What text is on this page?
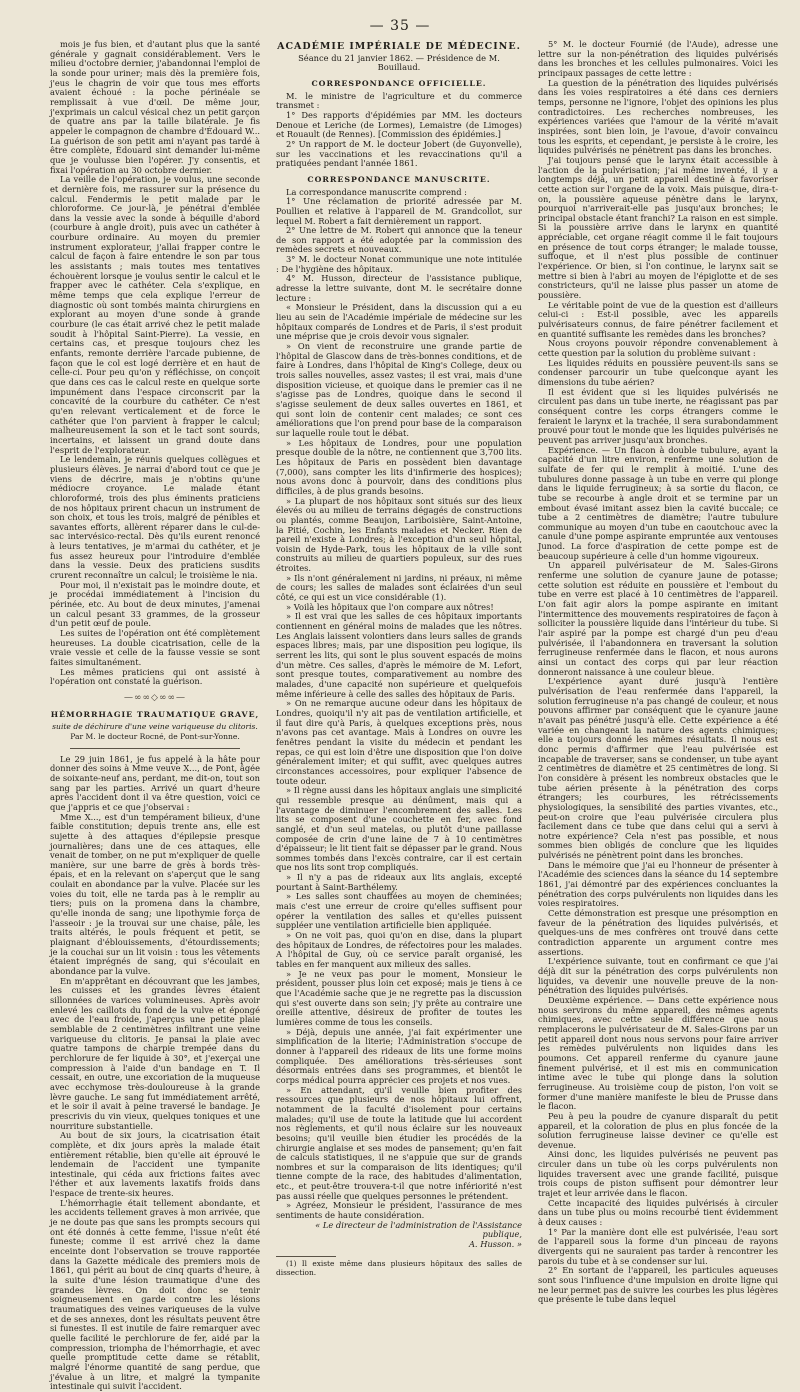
— 35 —

mois je fus bien, et d'autant plus que la santé générale y gagnait considérablement. Vers le milieu d'octobre dernier, j'abandonnai l'emploi de la sonde pour uriner; mais dès la première fois, j'eus le chagrin de voir que tous mes efforts avaient échoué : la poche périnéale se remplissait à vue d'œil. De même jour, j'exprimais un calcul vésical chez un petit garçon de quatre ans par la taille bilatérale. Je fis appeler le compagnon de chambre d'Édouard W... La guérison de son petit ami n'ayant pas tardé à être complète, Édouard sint demander lui-même que je voulusse bien l'opérer. J'y consentis, et fixai l'opération au 30 octobre dernier.

La veille de l'opération, je voulus, une seconde et dernière fois, me rassurer sur la présence du calcul. Fendermis le petit malade par le chloroforme. Ce jour-là, je pénétrai d'emblée dans la vessie avec la sonde à béquille d'abord (courbure à angle droit), puis avec un cathéter à courbure ordinaire. Au moyen du premier instrument explorateur, j'allai frapper contre le calcul de façon à faire entendre le son par tous les assistants ; mais toutes mes tentatives échouèrent lorsque je voulus sentir le calcul et le frapper avec le cathéter. Cela s'explique, en même temps que cela explique l'erreur de diagnostic où sont tombés mainta chirurgiens en explorant au moyen d'une sonde à grande courbure (le cas était arrivé chez le petit malade soudit à l'hôpital Saint-Pierre). La vessie, en certains cas, et presque toujours chez les enfants, remonte derrière l'arcade pubienne, de façon que le col est logé derrière et en haut de celle-ci. Pour peu qu'on y réfléchisse, on conçoit que dans ces cas le calcul reste en quelque sorte impunément dans l'espace circonscrit par la concavité de la courbure du cathéter. Ce n'est qu'en relevant verticalement et de force le cathéter que l'on parvient à frapper le calcul; malheureusement la son et le tact sont sourds, incertains, et laissent un grand doute dans l'esprit de l'explorateur.

Le lendemain, je réunis quelques collègues et plusieurs élèves. Je narrai d'abord tout ce que je viens de décrire, mais je n'obtins qu'une médiocre croyance. Le malade étant chloroformé, trois des plus éminents praticiens de nos hôpitaux prirent chacun un instrument de son choix, et tous les trois, malgré de pénibles et savantes efforts, allèrent réparer dans le cul-de-sac intervésico-rectal. Dès qu'ils eurent renoncé à leurs tentatives, je m'armai du cathéter, et je fus assez heureux pour l'introduire d'emblée dans la vessie. Deux des praticiens susdits crurent reconnaître un calcul; le troisième le nia.

Pour moi, il n'existait pas le moindre doute, et je procédai immédiatement à l'incision du périnée, etc. Au bout de deux minutes, j'amenai un calcul pesant 33 grammes, de la grosseur d'un petit œuf de poule.

Les suites de l'opération ont été complètement heureuses. La double cicatrisation, celle de la vraie vessie et celle de la fausse vessie se sont faites simultanément.

Les mêmes praticiens qui ont assisté à l'opération ont constaté la guérison.

—∞∞◇∞∞—
HÉMORRHAGIE TRAUMATIQUE GRAVE,

suite de déchirure d'une veine variqueuse du clitoris.

Par M. le docteur Rocné, de Pont-sur-Yonne.

Le 29 juin 1861, je fus appelé à la hâte pour donner des soins à Mme veuve X..., de Pont, âgée de soixante-neuf ans, perdant, me dit-on, tout son sang par les parties. Arrivé un quart d'heure après l'accident dont il va être question, voici ce que j'appris et ce que j'observai :

Mme X..., est d'un tempérament bilieux, d'une faible constitution; depuis trente ans, elle est sujette à des attaques d'épilepsie presque journalières; dans une de ces attaques, elle venait de tomber, on ne put m'expliquer de quelle manière, sur une barre de grès à bords très-épais, et en la relevant on s'aperçut que le sang coulait en abondance par la vulve. Placée sur les voies du toit, elle ne tarda pas à le remplir au tiers; puis on la promena dans la chambre, qu'elle inonda de sang; une lipothymie força de l'asseoir : je la trouvai sur une chaise, pâle, les traits altérés, le pouls fréquent et petit, se plaignant d'éblouissements, d'étourdissements; je la couchai sur un lit voisin : tous les vêtements étaient imprégnés de sang, qui s'écoulait en abondance par la vulve.

En m'apprêtant en découvrant que les jambes, les cuisses et les grandes lèvres étaient sillonnées de varices volumineuses. Après avoir enlevé les caillots du fond de la vulve et épongé avec de l'eau froide, j'aperçus une petite plaie semblable de 2 centimètres infiltrant une veine variqueuse du clitoris. Je pansai la plaie avec quatre tampons de charpie trempée dans du perchlorure de fer liquide à 30°, et j'exerçai une compression à l'aide d'un bandage en T. Il cessait, en outre, une excoriation de la muqueuse avec ecchymose très-douloureuse à la grande lèvre gauche. Le sang fut immédiatement arrêté, et le soir il avait à peine traversé le bandage. Je prescrivis du vin vieux, quelques toniques et une nourriture substantielle.

Au bout de six jours, la cicatrisation était complète, et dix jours après la malade était entièrement rétablie, bien qu'elle ait éprouvé le lendemain de l'accident une tympanite intestinale, qui céda aux frictions faites avec l'éther et aux lavements laxatifs froids dans l'espace de trente-six heures.

L'hémorrhagie était tellement abondante, et les accidents tellement graves à mon arrivée, que je ne doute pas que sans les prompts secours qui ont été donnés à cette femme, l'issue n'eût été funeste; comme il est arrivé chez la dame enceinte dont l'observation se trouve rapportée dans la Gazette médicale des premiers mois de 1861, qui périt au bout de cinq quarts d'heure, à la suite d'une lésion traumatique d'une des grandes lèvres. On doit donc se tenir soigneusement en garde contre les lésions traumatiques des veines variqueuses de la vulve et de ses annexes, dont les résultats peuvent être si funestes. Il est inutile de faire remarquer avec quelle facilité le perchlorure de fer, aidé par la compression, triompha de l'hémorrhagie, et avec quelle promptitude cette dame se rétablit, malgré l'énorme quantité de sang perdue, que j'évalue à un litre, et malgré la tympanite intestinale qui suivit l'accident.

ACADÉMIE IMPÉRIALE DE MÉDECINE.

Séance du 21 janvier 1862. — Présidence de M. Bouillaud.

CORRESPONDANCE OFFICIELLE.

M. le ministre de l'agriculture et du commerce transmet :

1° Des rapports d'épidémies par MM. les docteurs Denoue et Leriche (de Lormes), Lemaistre (de Limoges) et Rouault (de Rennes). [Commission des épidémies.]

2° Un rapport de M. le docteur Jobert (de Guyonvelle), sur les vaccinations et les revaccinations qu'il a pratiquées pendant l'année 1861.

CORRESPONDANCE MANUSCRITE.

La correspondance manuscrite comprend :

1° Une réclamation de priorité adressée par M. Poullien et relative à l'appareil de M. Grandcollot, sur lequel M. Robert a fait dernièrement un rapport.

2° Une lettre de M. Robert qui annonce que la teneur de son rapport a été adoptée par la commission des remèdes secrets et nouveaux.

3° M. le docteur Nonat communique une note intitulée : De l'hygiène des hôpitaux.

4° M. Husson, directeur de l'assistance publique, adresse la lettre suivante, dont M. le secrétaire donne lecture :

« Monsieur le Président, dans la discussion qui a eu lieu au sein de l'Académie impériale de médecine sur les hôpitaux comparés de Londres et de Paris, il s'est produit une méprise que je crois devoir vous signaler.

» On vient de reconstruire une grande partie de l'hôpital de Glascow dans de très-bonnes conditions, et de faire à Londres, dans l'hôpital de King's College, deux ou trois salles nouvelles, assez vastes; il est vrai, mais d'une disposition vicieuse, et quoique dans le premier cas il ne s'agisse pas de Londres, quoique dans le second il s'agisse seulement de deux salles ouvertes en 1861, et qui sont loin de contenir cent malades; ce sont ces améliorations que l'on prend pour base de la comparaison sur laquelle roule tout le débat.

» Les hôpitaux de Londres, pour une population presque double de la nôtre, ne contiennent que 3,700 lits. Les hôpitaux de Paris en possèdent bien davantage (7,000), sans compter les lits d'infirmerie des hospices); nous avons donc à pourvoir, dans des conditions plus difficiles, à de plus grands besoins.

» La plupart de nos hôpitaux sont situés sur des lieux élevés ou au milieu de terrains dégagés de constructions ou plantés, comme Beaujon, Lariboisière, Saint-Antoine, la Pitié, Cochin, les Enfants malades et Necker. Rien de pareil n'existe à Londres; à l'exception d'un seul hôpital, voisin de Hyde-Park, tous les hôpitaux de la ville sont construits au milieu de quartiers populeux, sur des rues étroites.

» Ils n'ont généralement ni jardins, ni préaux, ni même de cours; les salles de malades sont éclairées d'un seul côté, ce qui est un vice considérable (1).

» Voilà les hôpitaux que l'on compare aux nôtres!

» Il est vrai que les salles de ces hôpitaux importants contiennent en général moins de malades que les nôtres. Les Anglais laissent volontiers dans leurs salles de grands espaces libres; mais, par une disposition peu logique, ils serrent les lits, qui sont le plus souvent espacés de moins d'un mètre. Ces salles, d'après le mémoire de M. Lefort, sont presque toutes, comparativement au nombre des malades, d'une capacité non supérieure et quelquefois même inférieure à celle des salles des hôpitaux de Paris.

» On ne remarque aucune odeur dans les hôpitaux de Londres, quoiqu'il n'y ait pas de ventilation artificielle, et il faut dire qu'à Paris, à quelques exceptions près, nous n'avons pas cet avantage. Mais à Londres on ouvre les fenêtres pendant la visite du médecin et pendant les repas, ce qui est loin d'être une disposition que l'on doive généralement imiter; et qui suffit, avec quelques autres circonstances accessoires, pour expliquer l'absence de toute odeur.

» Il règne aussi dans les hôpitaux anglais une simplicité qui ressemble presque au dénûment, mais qui a l'avantage de diminuer l'encombrement des salles. Les lits se composent d'une couchette en fer, avec fond sanglé, et d'un seul matelas, ou plutôt d'une paillasse composée de crin d'une laine de 7 à 10 centimètres d'épaisseur; le lit tient fait se dépasser par le grand. Nous sommes tombés dans l'excès contraire, car il est certain que nos lits sont trop compliqués.

» Il n'y a pas de rideaux aux lits anglais, excepté pourtant à Saint-Barthélemy.

» Les salles sont chauffées au moyen de cheminées; mais c'est une erreur de croire qu'elles suffisent pour opérer la ventilation des salles et qu'elles puissent suppléer une ventilation artificielle bien appliquée.

» On ne voit pas, quoi qu'on en dise, dans la plupart des hôpitaux de Londres, de réfectoires pour les malades. A l'hôpital de Guy, où ce service paraît organisé, les tables en fer manquent aux milieux des salles.

» Je ne veux pas pour le moment, Monsieur le président, pousser plus loin cet exposé; mais je tiens à ce que l'Académie sache que je ne regrette pas la discussion qui s'est ouverte dans son sein; j'y prête au contraire une oreille attentive, désireux de profiter de toutes les lumières comme de tous les conseils.

» Déjà, depuis une année, j'ai fait expérimenter une simplification de la literie; l'Administration s'occupe de donner à l'appareil des rideaux de lits une forme moins compliquée. Des améliorations très-sérieuses sont désormais entrées dans ses programmes, et bientôt le corps médical pourra apprécier ces projets et nos vues.

» En attendant, qu'il veuille bien profiter des ressources que plusieurs de nos hôpitaux lui offrent, notamment de la faculté d'isolement pour certains malades; qu'il use de toute la latitude que lui accordent nos règlements, et qu'il nous éclaire sur les nouveaux besoins; qu'il veuille bien étudier les procédés de la chirurgie anglaise et ses modes de pansement; qu'en fait de calculs statistiques, il ne s'appuie que sur de grands nombres et sur la comparaison de lits identiques; qu'il tienne compte de la race, des habitudes d'alimentation, etc., et peut-être trouvera-t-il que notre infériorité n'est pas aussi réelle que quelques personnes le prétendent.

» Agréez, Monsieur le président, l'assurance de mes sentiments de haute considération.

« Le directeur de l'administration de l'Assistance publique,

A. Husson. »

(1) Il existe même dans plusieurs hôpitaux des salles de dissection.

5° M. le docteur Fournié (de l'Aude), adresse une lettre sur la non-pénétration des liquides pulvérisés dans les bronches et les cellules pulmonaires. Voici les principaux passages de cette lettre :

La question de la pénétration des liquides pulvérisés dans les voies respiratoires a été dans ces derniers temps, personne ne l'ignore, l'objet des opinions les plus contradictoires. Les recherches nombreuses, les expériences variées que l'amour de la vérité m'avait inspirées, sont bien loin, je l'avoue, d'avoir convaincu tous les esprits, et cependant, je persiste à le croire, les liquides pulvérisés ne pénètrent pas dans les bronches.

J'ai toujours pensé que le larynx était accessible à l'action de la pulvérisation; j'ai même inventé, il y a longtemps déjà, un petit appareil destiné à favoriser cette action sur l'organe de la voix. Mais puisque, dira-t-on, la poussière aqueuse pénètre dans le larynx, pourquoi n'arriverait-elle pas jusqu'aux bronches; le principal obstacle étant franchi? La raison en est simple. Si la poussière arrive dans le larynx en quantité appréciable, cet organe réagit comme il le fait toujours en présence de tout corps étranger; le malade tousse, suffoque, et il n'est plus possible de continuer l'expérience. Or bien, si l'on continue, le larynx sait se mettre si bien à l'abri au moyen de l'épiglotte et de ses constricteurs, qu'il ne laisse plus passer un atome de poussière.

Le véritable point de vue de la question est d'ailleurs celui-ci : Est-il possible, avec les appareils pulvérisateurs connus, de faire pénétrer facilement et en quantité suffisante les remèdes dans les bronches?

Nous croyons pouvoir répondre convenablement à cette question par la solution du problème suivant :

Les liquides réduits en poussière peuvent-ils sans se condenser parcourir un tube quelconque ayant les dimensions du tube aérien?

Il est évident que si les liquides pulvérisés ne circulent pas dans un tube inerte, ne réagissant pas par conséquent contre les corps étrangers comme le feraient le larynx et la trachée, il sera surabondamment prouvé pour tout le monde que les liquides pulvérisés ne peuvent pas arriver jusqu'aux bronches.

Expérience. — Un flacon à double tubulure, ayant la capacité d'un litre environ, renferme une solution de sulfate de fer qui le remplit à moitié. L'une des tubulures donne passage à un tube en verre qui plonge dans le liquide ferrugineux; à sa sortie du flacon, ce tube se recourbe à angle droit et se termine par un embout évasé imitant assez bien la cavité buccale; ce tube a 2 centimètres de diamètre; l'autre tubulure communique au moyen d'un tube en caoutchouc avec la canule d'une pompe aspirante empruntée aux ventouses Junod. La force d'aspiration de cette pompe est de beaucoup supérieure à celle d'un homme vigoureux.

Un appareil pulvérisateur de M. Sales-Girons renferme une solution de cyanure jaune de potasse; cette solution est réduite en poussière et l'embout du tube en verre est placé à 10 centimètres de l'appareil. L'on fait agir alors la pompe aspirante en imitant l'intermittence des mouvements respiratoires de façon à solliciter la poussière liquide dans l'intérieur du tube. Si l'air aspiré par la pompe est chargé d'un peu d'eau pulvérisée, il l'abandonnera en traversant la solution ferrugineuse renfermée dans le flacon, et nous aurons ainsi un contact des corps qui par leur réaction donneront naissance à une couleur bleue.

L'expérience ayant duré jusqu'à l'entière pulvérisation de l'eau renfermée dans l'appareil, la solution ferrugineuse n'a pas changé de couleur, et nous pouvons affirmer par conséquent que le cyanure jaune n'avait pas pénétré jusqu'à elle. Cette expérience a été variée en changeant la nature des agents chimiques; elle a toujours donné les mêmes résultats. Il nous est donc permis d'affirmer que l'eau pulvérisée est incapable de traverser, sans se condenser, un tube ayant 2 centimètres de diamètre et 25 centimètres de long. Si l'on considère à présent les nombreux obstacles que le tube aérien présente à la pénétration des corps étrangers; les courbures, les rétrécissements physiologiques, la sensibilité des parties vivantes, etc., peut-on croire que l'eau pulvérisée circulera plus facilement dans ce tube que dans celui qui a servi à notre expérience? Cela n'est pas possible, et nous sommes bien obligés de conclure que les liquides pulvérisés ne pénètrent point dans les bronches.

Dans le mémoire que j'ai eu l'honneur de présenter à l'Académie des sciences dans la séance du 14 septembre 1861, j'ai démontré par des expériences concluantes la pénétration des corps pulvérulents non liquides dans les voies respiratoires.

Cette démonstration est presque une présomption en faveur de la pénétration des liquides pulvérisés, et quelques-uns de mes confrères ont trouvé dans cette contradiction apparente un argument contre mes assertions.

L'expérience suivante, tout en confirmant ce que j'ai déjà dit sur la pénétration des corps pulvérulents non liquides, va devenir une nouvelle preuve de la non-pénétration des liquides pulvérisés.

Deuxième expérience. — Dans cette expérience nous nous servirons du même appareil, des mêmes agents chimiques, avec cette seule différence que nous remplacerons le pulvérisateur de M. Sales-Girons par un petit appareil dont nous nous servons pour faire arriver les remèdes pulvérulents non liquides dans les poumons. Cet appareil renferme du cyanure jaune finement pulvérisé, et il est mis en communication intime avec le tube qui plonge dans la solution ferrugineuse. Au troisième coup de piston, l'on voit se former d'une manière manifeste le bleu de Prusse dans le flacon.

Peu à peu la poudre de cyanure disparaît du petit appareil, et la coloration de plus en plus foncée de la solution ferrugineuse laisse deviner ce qu'elle est devenue.

Ainsi donc, les liquides pulvérisés ne peuvent pas circuler dans un tube où les corps pulvérulents non liquides traversent avec une grande facilité, puisque trois coups de piston suffisent pour démontrer leur trajet et leur arrivée dans le flacon.

Cette incapacité des liquides pulvérisés à circuler dans un tube plus ou moins recourbé tient évidemment à deux causes :

1° Par la manière dont elle est pulvérisée, l'eau sort de l'appareil sous la forme d'un pinceau de rayons divergents qui ne sauraient pas tarder à rencontrer les parois du tube et à se condenser sur lui.

2° En sortant de l'appareil, les particules aqueuses sont sous l'influence d'une impulsion en droite ligne qui ne leur permet pas de suivre les courbes les plus légères que présente le tube dans lequel
